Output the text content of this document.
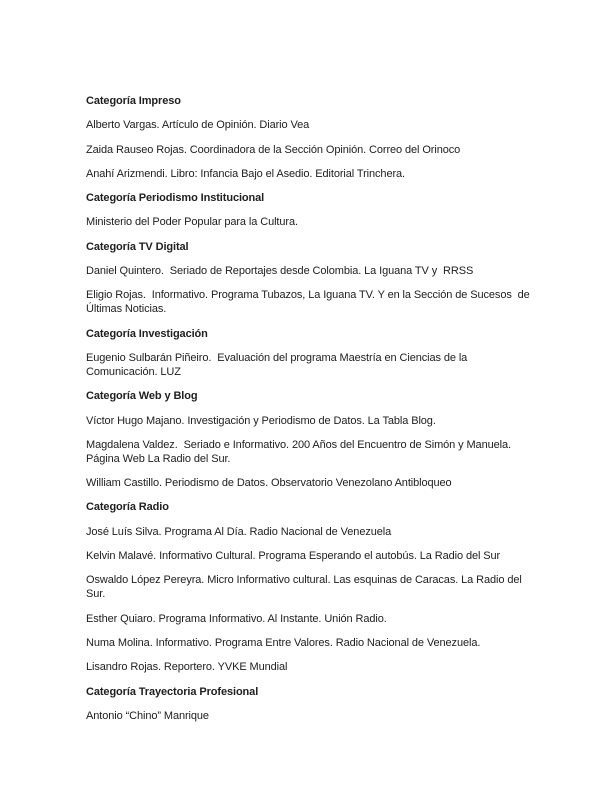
Categoría Impreso

Alberto Vargas. Artículo de Opinión. Diario Vea

Zaida Rauseo Rojas. Coordinadora de la Sección Opinión. Correo del Orinoco

Anahí Arizmendi. Libro: Infancia Bajo el Asedio. Editorial Trinchera.

Categoría Periodismo Institucional

Ministerio del Poder Popular para la Cultura.

Categoría TV Digital

Daniel Quintero.  Seriado de Reportajes desde Colombia. La Iguana TV y  RRSS

Eligio Rojas.  Informativo. Programa Tubazos, La Iguana TV. Y en la Sección de Sucesos  de
Últimas Noticias.

Categoría Investigación

Eugenio Sulbarán Piñeiro.  Evaluación del programa Maestría en Ciencias de la
Comunicación. LUZ

Categoría Web y Blog

Víctor Hugo Majano. Investigación y Periodismo de Datos. La Tabla Blog.

Magdalena Valdez.  Seriado e Informativo. 200 Años del Encuentro de Simón y Manuela.
Página Web La Radio del Sur.

William Castillo. Periodismo de Datos. Observatorio Venezolano Antibloqueo

Categoría Radio

José Luís Silva. Programa Al Día. Radio Nacional de Venezuela

Kelvin Malavé. Informativo Cultural. Programa Esperando el autobús. La Radio del Sur

Oswaldo López Pereyra. Micro Informativo cultural. Las esquinas de Caracas. La Radio del
Sur.

Esther Quiaro. Programa Informativo. Al Instante. Unión Radio.

Numa Molina. Informativo. Programa Entre Valores. Radio Nacional de Venezuela.

Lisandro Rojas. Reportero. YVKE Mundial

Categoría Trayectoria Profesional

Antonio “Chino” Manrique
